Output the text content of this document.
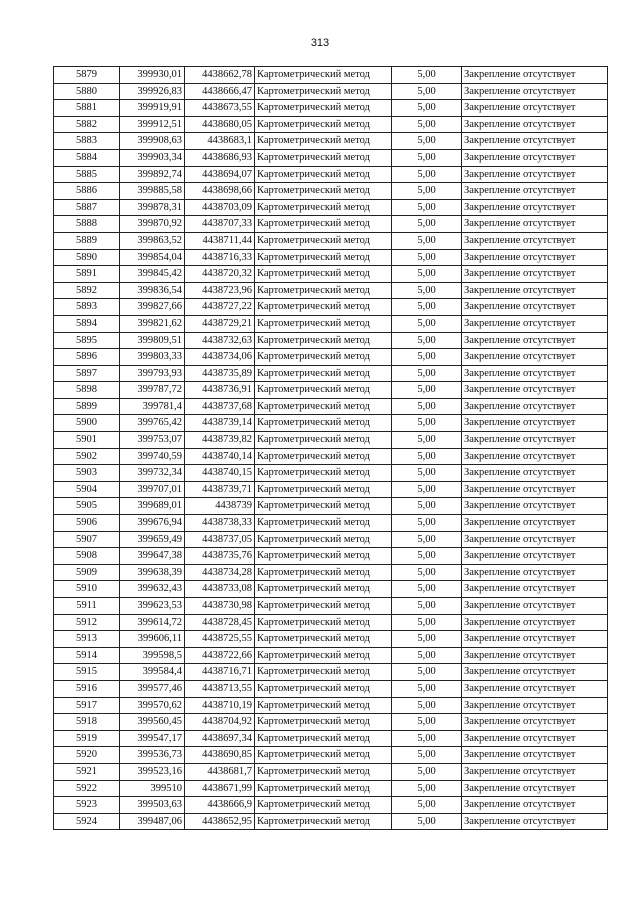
313
5879	399930,01	4438662,78	Картометрический метод	5,00	Закрепление отсутствует
5880	399926,83	4438666,47	Картометрический метод	5,00	Закрепление отсутствует
5881	399919,91	4438673,55	Картометрический метод	5,00	Закрепление отсутствует
5882	399912,51	4438680,05	Картометрический метод	5,00	Закрепление отсутствует
5883	399908,63	4438683,1	Картометрический метод	5,00	Закрепление отсутствует
5884	399903,34	4438686,93	Картометрический метод	5,00	Закрепление отсутствует
5885	399892,74	4438694,07	Картометрический метод	5,00	Закрепление отсутствует
5886	399885,58	4438698,66	Картометрический метод	5,00	Закрепление отсутствует
5887	399878,31	4438703,09	Картометрический метод	5,00	Закрепление отсутствует
5888	399870,92	4438707,33	Картометрический метод	5,00	Закрепление отсутствует
5889	399863,52	4438711,44	Картометрический метод	5,00	Закрепление отсутствует
5890	399854,04	4438716,33	Картометрический метод	5,00	Закрепление отсутствует
5891	399845,42	4438720,32	Картометрический метод	5,00	Закрепление отсутствует
5892	399836,54	4438723,96	Картометрический метод	5,00	Закрепление отсутствует
5893	399827,66	4438727,22	Картометрический метод	5,00	Закрепление отсутствует
5894	399821,62	4438729,21	Картометрический метод	5,00	Закрепление отсутствует
5895	399809,51	4438732,63	Картометрический метод	5,00	Закрепление отсутствует
5896	399803,33	4438734,06	Картометрический метод	5,00	Закрепление отсутствует
5897	399793,93	4438735,89	Картометрический метод	5,00	Закрепление отсутствует
5898	399787,72	4438736,91	Картометрический метод	5,00	Закрепление отсутствует
5899	399781,4	4438737,68	Картометрический метод	5,00	Закрепление отсутствует
5900	399765,42	4438739,14	Картометрический метод	5,00	Закрепление отсутствует
5901	399753,07	4438739,82	Картометрический метод	5,00	Закрепление отсутствует
5902	399740,59	4438740,14	Картометрический метод	5,00	Закрепление отсутствует
5903	399732,34	4438740,15	Картометрический метод	5,00	Закрепление отсутствует
5904	399707,01	4438739,71	Картометрический метод	5,00	Закрепление отсутствует
5905	399689,01	4438739	Картометрический метод	5,00	Закрепление отсутствует
5906	399676,94	4438738,33	Картометрический метод	5,00	Закрепление отсутствует
5907	399659,49	4438737,05	Картометрический метод	5,00	Закрепление отсутствует
5908	399647,38	4438735,76	Картометрический метод	5,00	Закрепление отсутствует
5909	399638,39	4438734,28	Картометрический метод	5,00	Закрепление отсутствует
5910	399632,43	4438733,08	Картометрический метод	5,00	Закрепление отсутствует
5911	399623,53	4438730,98	Картометрический метод	5,00	Закрепление отсутствует
5912	399614,72	4438728,45	Картометрический метод	5,00	Закрепление отсутствует
5913	399606,11	4438725,55	Картометрический метод	5,00	Закрепление отсутствует
5914	399598,5	4438722,66	Картометрический метод	5,00	Закрепление отсутствует
5915	399584,4	4438716,71	Картометрический метод	5,00	Закрепление отсутствует
5916	399577,46	4438713,55	Картометрический метод	5,00	Закрепление отсутствует
5917	399570,62	4438710,19	Картометрический метод	5,00	Закрепление отсутствует
5918	399560,45	4438704,92	Картометрический метод	5,00	Закрепление отсутствует
5919	399547,17	4438697,34	Картометрический метод	5,00	Закрепление отсутствует
5920	399536,73	4438690,85	Картометрический метод	5,00	Закрепление отсутствует
5921	399523,16	4438681,7	Картометрический метод	5,00	Закрепление отсутствует
5922	399510	4438671,99	Картометрический метод	5,00	Закрепление отсутствует
5923	399503,63	4438666,9	Картометрический метод	5,00	Закрепление отсутствует
5924	399487,06	4438652,95	Картометрический метод	5,00	Закрепление отсутствует
